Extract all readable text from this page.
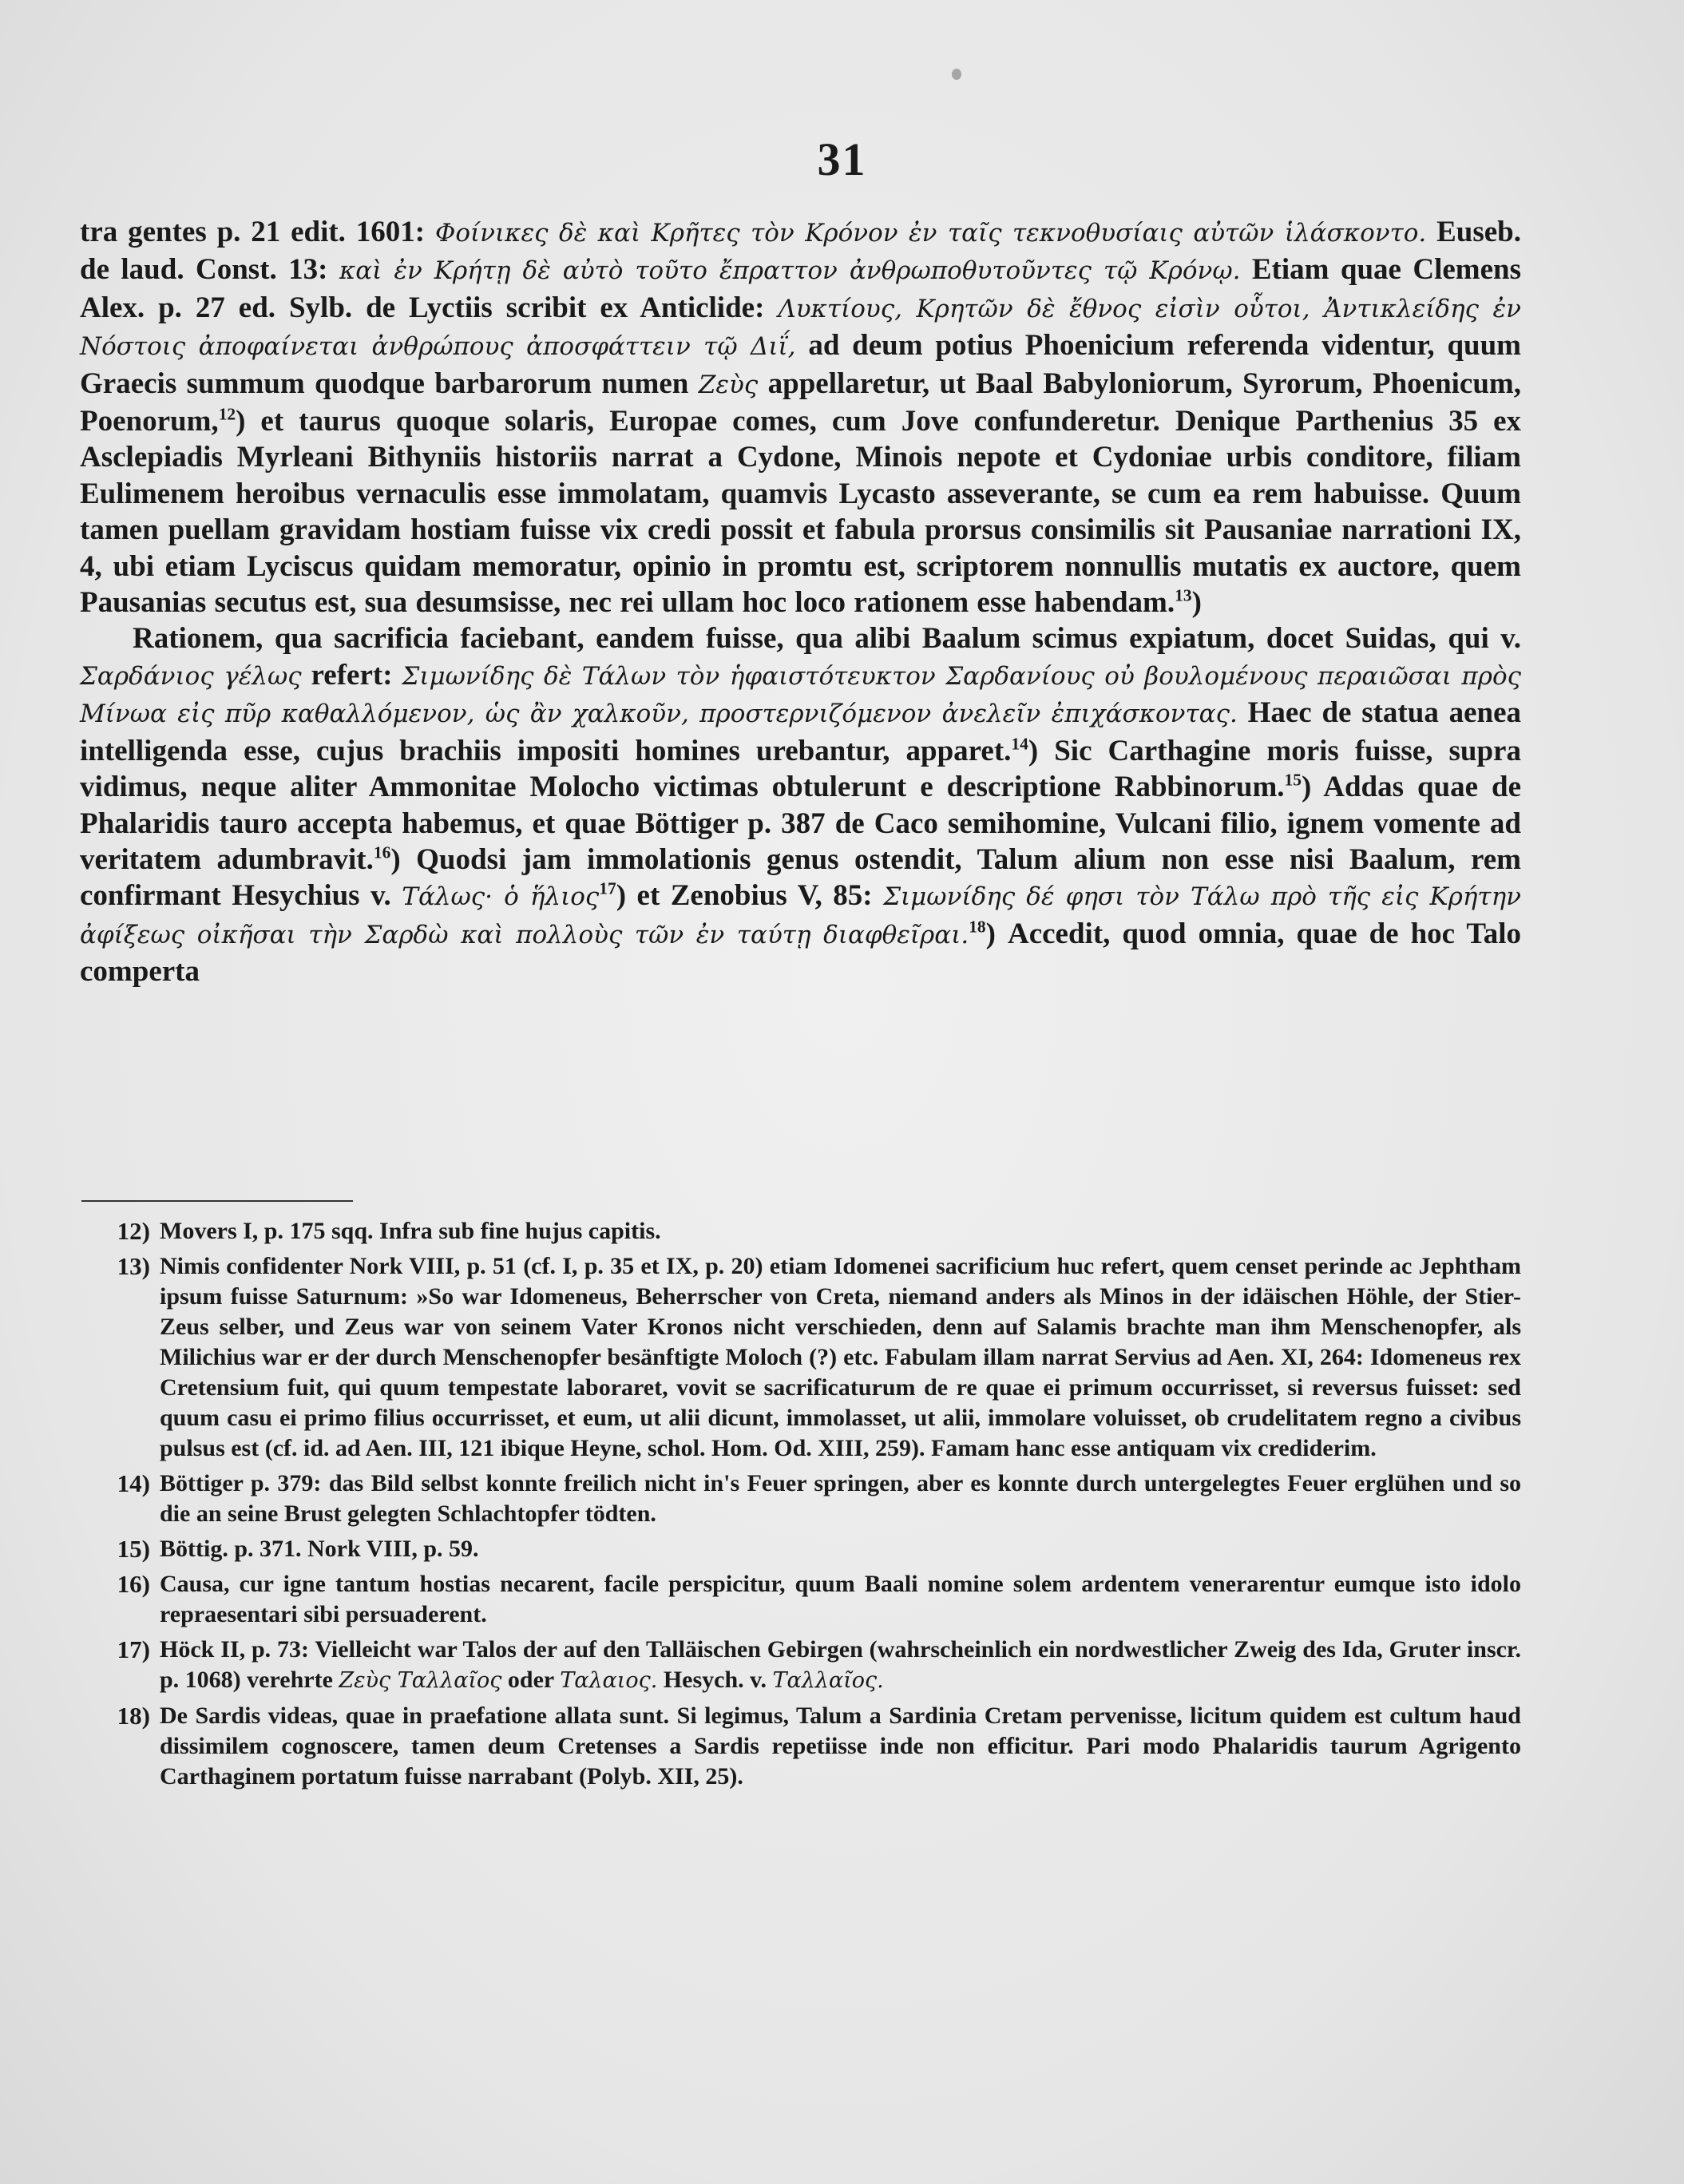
31

tra gentes p. 21 edit. 1601: Φοίνικες δὲ καὶ Κρῆτες τὸν Κρόνον ἐν ταῖς τεκνοθυσίαις αὐτῶν ἱλάσκοντο. Euseb. de laud. Const. 13: καὶ ἐν Κρήτῃ δὲ αὐτὸ τοῦτο ἔπραττον ἀνθρωποθυτοῦντες τῷ Κρόνῳ. Etiam quae Clemens Alex. p. 27 ed. Sylb. de Lyctiis scribit ex Anticlide: Λυκτίους, Κρητῶν δὲ ἔθνος εἰσὶν οὗτοι, Ἀντικλείδης ἐν Νόστοις ἀποφαίνεται ἀνθρώπους ἀποσφάττειν τῷ Διΐ, ad deum potius Phoenicium referenda videntur, quum Graecis summum quodque barbarorum numen Ζεὺς appellaretur, ut Baal Babyloniorum, Syrorum, Phoenicum, Poenorum,$^{12}$) et taurus quoque solaris, Europae comes, cum Jove confunderetur. Denique Parthenius 35 ex Asclepiadis Myrleani Bithyniis historiis narrat a Cydone, Minois nepote et Cydoniae urbis conditore, filiam Eulimenem heroibus vernaculis esse immolatam, quamvis Lycasto asseverante, se cum ea rem habuisse. Quum tamen puellam gravidam hostiam fuisse vix credi possit et fabula prorsus consimilis sit Pausaniae narrationi IX, 4, ubi etiam Lyciscus quidam memoratur, opinio in promtu est, scriptorem nonnullis mutatis ex auctore, quem Pausanias secutus est, sua desumsisse, nec rei ullam hoc loco rationem esse habendam.$^{13}$)

Rationem, qua sacrificia faciebant, eandem fuisse, qua alibi Baalum scimus expiatum, docet Suidas, qui v. Σαρδάνιος γέλως refert: Σιμωνίδης δὲ Τάλων τὸν ἡφαιστότευκτον Σαρδανίους οὐ βουλομένους περαιῶσαι πρὸς Μίνωα εἰς πῦρ καθαλλόμενον, ὡς ἂν χαλκοῦν, προστερνιζόμενον ἀνελεῖν ἐπιχάσκοντας. Haec de statua aenea intelligenda esse, cujus brachiis impositi homines urebantur, apparet.$^{14}$) Sic Carthagine moris fuisse, supra vidimus, neque aliter Ammonitae Molocho victimas obtulerunt e descriptione Rabbinorum.$^{15}$) Addas quae de Phalaridis tauro accepta habemus, et quae Böttiger p. 387 de Caco semihomine, Vulcani filio, ignem vomente ad veritatem adumbravit.$^{16}$) Quodsi jam immolationis genus ostendit, Talum alium non esse nisi Baalum, rem confirmant Hesychius v. Τάλως· ὁ ἥλιος$^{17}$) et Zenobius V, 85: Σιμωνίδης δέ φησι τὸν Τάλω πρὸ τῆς εἰς Κρήτην ἀφίξεως οἰκῆσαι τὴν Σαρδὼ καὶ πολλοὺς τῶν ἐν ταύτῃ διαφθεῖραι.$^{18}$) Accedit, quod omnia, quae de hoc Talo comperta

12) Movers I, p. 175 sqq. Infra sub fine hujus capitis.
13) Nimis confidenter Nork VIII, p. 51 (cf. I, p. 35 et IX, p. 20) etiam Idomenei sacrificium huc refert, quem censet perinde ac Jephtham ipsum fuisse Saturnum: »So war Idomeneus, Beherrscher von Creta, niemand anders als Minos in der idäischen Höhle, der Stier-Zeus selber, und Zeus war von seinem Vater Kronos nicht verschieden, denn auf Salamis brachte man ihm Menschenopfer, als Milichius war er der durch Menschenopfer besänftigte Moloch (?) etc. Fabulam illam narrat Servius ad Aen. XI, 264: Idomeneus rex Cretensium fuit, qui quum tempestate laboraret, vovit se sacrificaturum de re quae ei primum occurrisset, si reversus fuisset: sed quum casu ei primo filius occurrisset, et eum, ut alii dicunt, immolasset, ut alii, immolare voluisset, ob crudelitatem regno a civibus pulsus est (cf. id. ad Aen. III, 121 ibique Heyne, schol. Hom. Od. XIII, 259). Famam hanc esse antiquam vix crediderim.
14) Böttiger p. 379: das Bild selbst konnte freilich nicht in's Feuer springen, aber es konnte durch untergelegtes Feuer erglühen und so die an seine Brust gelegten Schlachtopfer tödten.
15) Böttig. p. 371. Nork VIII, p. 59.
16) Causa, cur igne tantum hostias necarent, facile perspicitur, quum Baali nomine solem ardentem venerarentur eumque isto idolo repraesentari sibi persuaderent.
17) Höck II, p. 73: Vielleicht war Talos der auf den Talläischen Gebirgen (wahrscheinlich ein nordwestlicher Zweig des Ida, Gruter inscr. p. 1068) verehrte Ζεὺς Ταλλαῖος oder Ταλαιος. Hesych. v. Ταλλαῖος.
18) De Sardis videas, quae in praefatione allata sunt. Si legimus, Talum a Sardinia Cretam pervenisse, licitum quidem est cultum haud dissimilem cognoscere, tamen deum Cretenses a Sardis repetiisse inde non efficitur. Pari modo Phalaridis taurum Agrigento Carthaginem portatum fuisse narrabant (Polyb. XII, 25).
